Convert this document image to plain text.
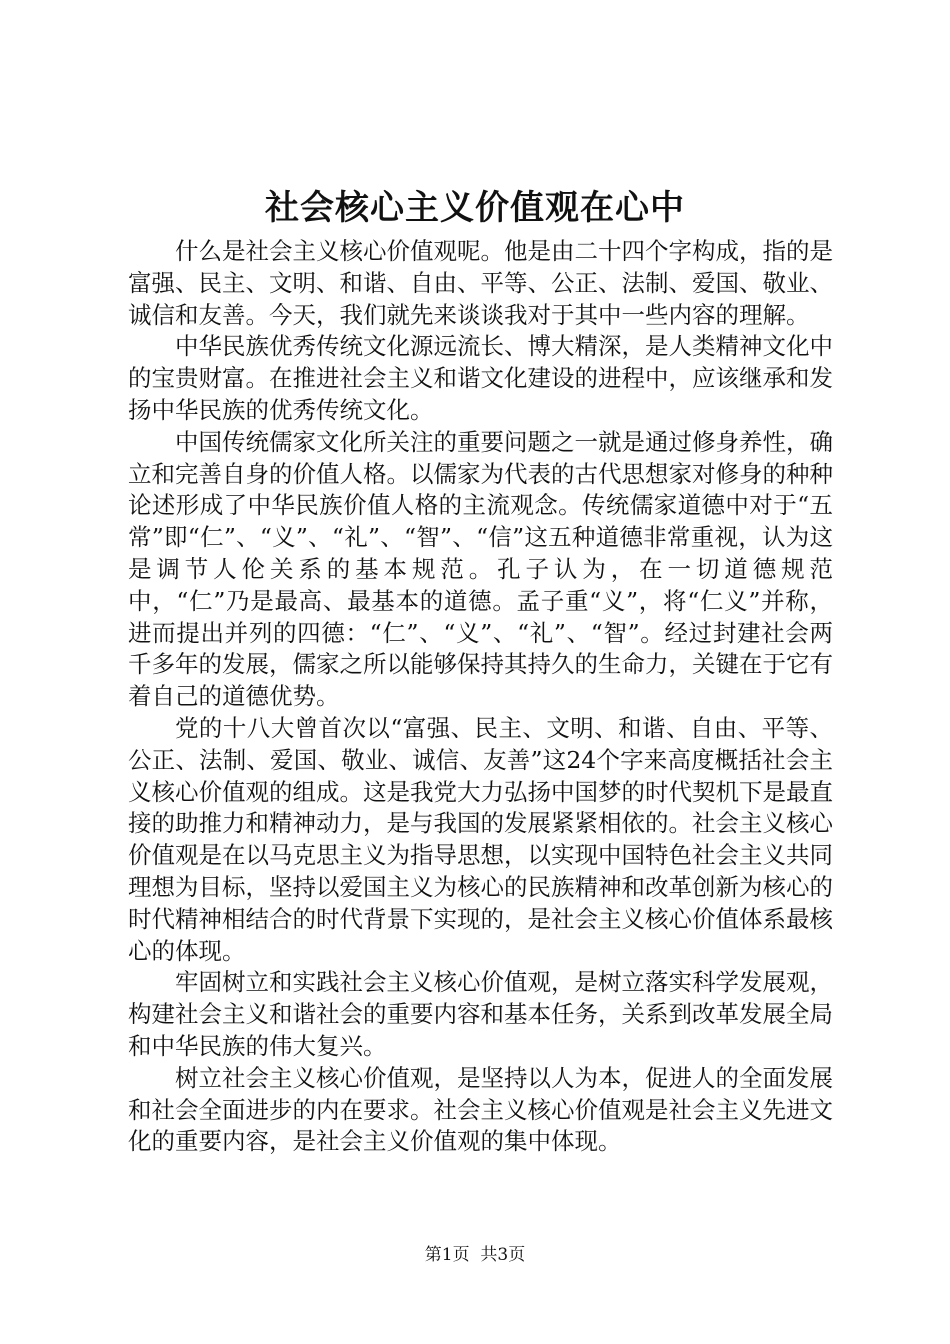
社会核心主义价值观在心中

什么是社会主义核心价值观呢。他是由二十四个字构成，指的是富强、民主、文明、和谐、自由、平等、公正、法制、爱国、敬业、诚信和友善。今天，我们就先来谈谈我对于其中一些内容的理解。

中华民族优秀传统文化源远流长、博大精深，是人类精神文化中的宝贵财富。在推进社会主义和谐文化建设的进程中，应该继承和发扬中华民族的优秀传统文化。

中国传统儒家文化所关注的重要问题之一就是通过修身养性，确立和完善自身的价值人格。以儒家为代表的古代思想家对修身的种种论述形成了中华民族价值人格的主流观念。传统儒家道德中对于“五常”即“仁”、“义”、“礼”、“智”、“信”这五种道德非常重视，认为这是调节人伦关系的基本规范。孔子认为，在一切道德规范中，“仁”乃是最高、最基本的道德。孟子重“义”，将“仁义”并称，进而提出并列的四德：“仁”、“义”、“礼”、“智”。经过封建社会两千多年的发展，儒家之所以能够保持其持久的生命力，关键在于它有着自己的道德优势。

党的十八大曾首次以“富强、民主、文明、和谐、自由、平等、公正、法制、爱国、敬业、诚信、友善”这24个字来高度概括社会主义核心价值观的组成。这是我党大力弘扬中国梦的时代契机下是最直接的助推力和精神动力，是与我国的发展紧紧相依的。社会主义核心价值观是在以马克思主义为指导思想，以实现中国特色社会主义共同理想为目标，坚持以爱国主义为核心的民族精神和改革创新为核心的时代精神相结合的时代背景下实现的，是社会主义核心价值体系最核心的体现。

牢固树立和实践社会主义核心价值观，是树立落实科学发展观，构建社会主义和谐社会的重要内容和基本任务，关系到改革发展全局和中华民族的伟大复兴。

树立社会主义核心价值观，是坚持以人为本，促进人的全面发展和社会全面进步的内在要求。社会主义核心价值观是社会主义先进文化的重要内容，是社会主义价值观的集中体现。

第1页 共3页
